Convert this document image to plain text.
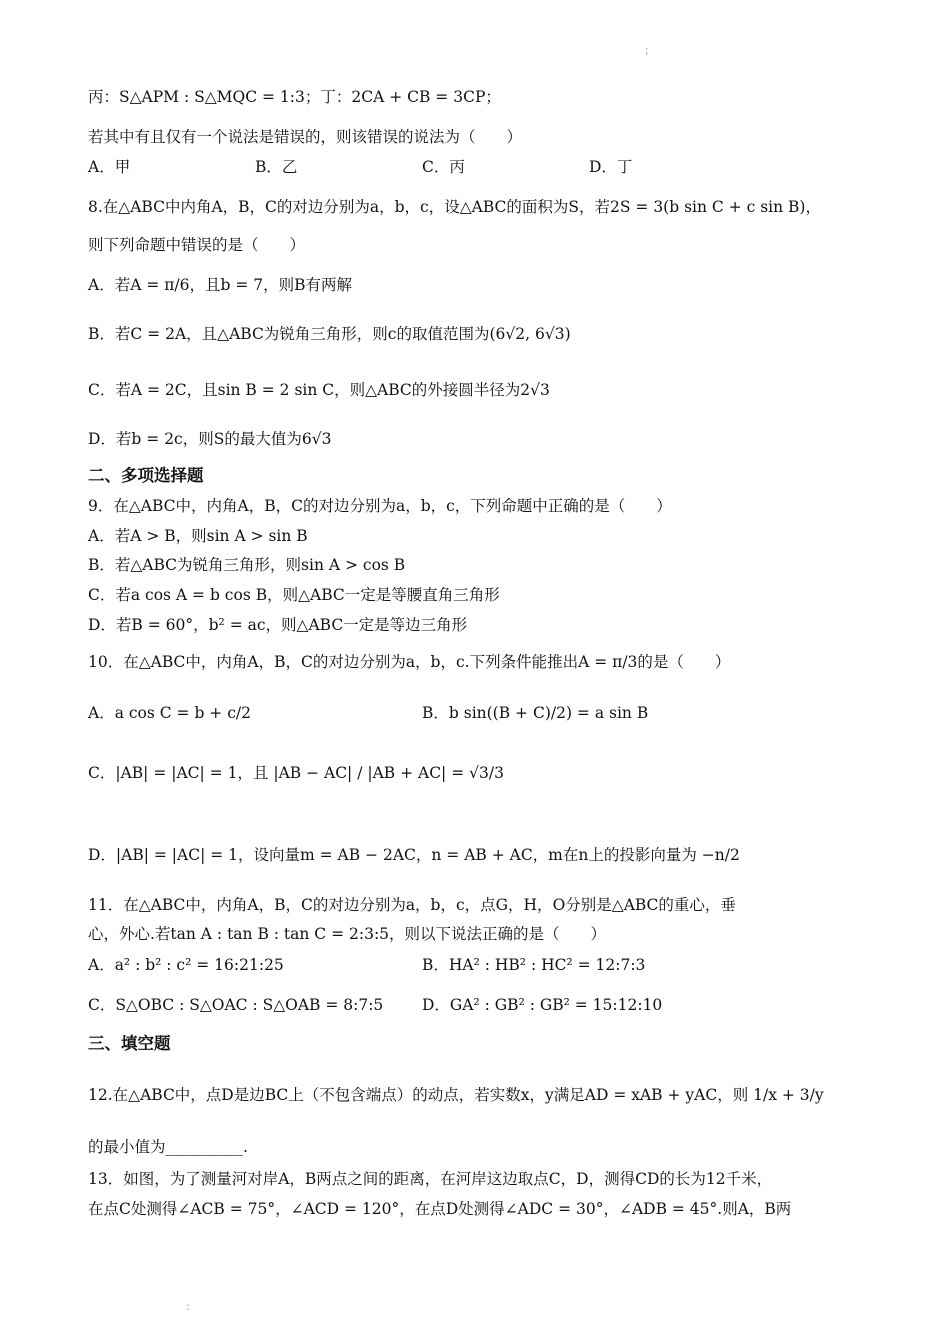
;
丙：S△APM : S△MQC = 1:3；丁：2CA + CB = 3CP；
若其中有且仅有一个说法是错误的，则该错误的说法为（　　）
A．甲	B．乙	C．丙	D．丁
8.在△ABC中内角A，B，C的对边分别为a，b，c，设△ABC的面积为S，若2S = 3(b sin C + c sin B)，
则下列命题中错误的是（　　）
A．若A = π/6，且b = 7，则B有两解
B．若C = 2A，且△ABC为锐角三角形，则c的取值范围为(6√2, 6√3)
C．若A = 2C，且sin B = 2 sin C，则△ABC的外接圆半径为2√3
D．若b = 2c，则S的最大值为6√3
二、多项选择题
9．在△ABC中，内角A，B，C的对边分别为a，b，c，下列命题中正确的是（　　）
A．若A > B，则sin A > sin B
B．若△ABC为锐角三角形，则sin A > cos B
C．若a cos A = b cos B，则△ABC一定是等腰直角三角形
D．若B = 60°，b² = ac，则△ABC一定是等边三角形
10．在△ABC中，内角A，B，C的对边分别为a，b，c.下列条件能推出A = π/3的是（　　）
A．a cos C = b + c/2	B．b sin((B + C)/2) = a sin B
C．|AB| = |AC| = 1，且 |AB − AC| / |AB + AC| = √3/3
D．|AB| = |AC| = 1，设向量m = AB − 2AC，n = AB + AC，m在n上的投影向量为 −n/2
11．在△ABC中，内角A，B，C的对边分别为a，b，c，点G，H，O分别是△ABC的重心，垂
心，外心.若tan A : tan B : tan C = 2:3:5，则以下说法正确的是（　　）
A．a² : b² : c² = 16:21:25	B．HA² : HB² : HC² = 12:7:3
C．S△OBC : S△OAC : S△OAB = 8:7:5 D．GA² : GB² : GB² = 15:12:10
三、填空题
12.在△ABC中，点D是边BC上（不包含端点）的动点，若实数x，y满足AD = xAB + yAC，则 1/x + 3/y
的最小值为__________.
13．如图，为了测量河对岸A，B两点之间的距离，在河岸这边取点C，D，测得CD的长为12千米，
在点C处测得∠ACB = 75°，∠ACD = 120°，在点D处测得∠ADC = 30°，∠ADB = 45°.则A，B两
:
